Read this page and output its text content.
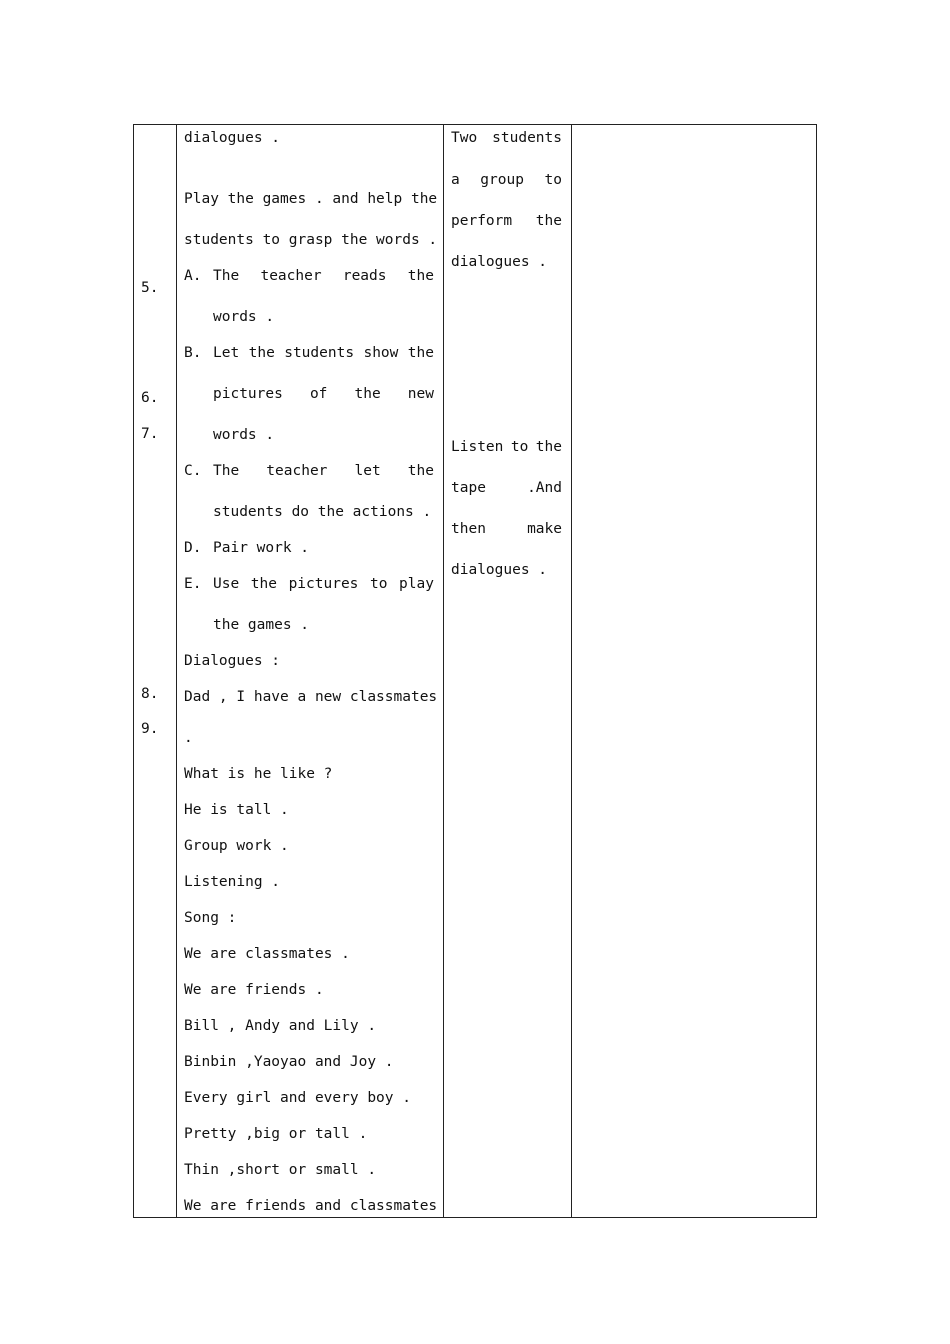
5.
6.
7.
8.
9.
dialogues .
Play the games . and help the
students to grasp the words .
A. The teacher reads the
words .
B. Let the students show the
pictures of the new
words .
C. The teacher let the
students do the actions .
D. Pair work .
E. Use the pictures to play
the games .
Dialogues :
Dad , I have a new classmates
.
What is he like ?
He is tall .
Group work .
Listening .
Song :
We are classmates .
We are friends .
Bill , Andy and Lily .
Binbin ,Yaoyao and Joy .
Every girl and every boy .
Pretty ,big or tall .
Thin ,short or small .
We are friends and classmates
Two students
a group to
perform the
dialogues .
Listen to the
tape	.And
then	make
dialogues .
